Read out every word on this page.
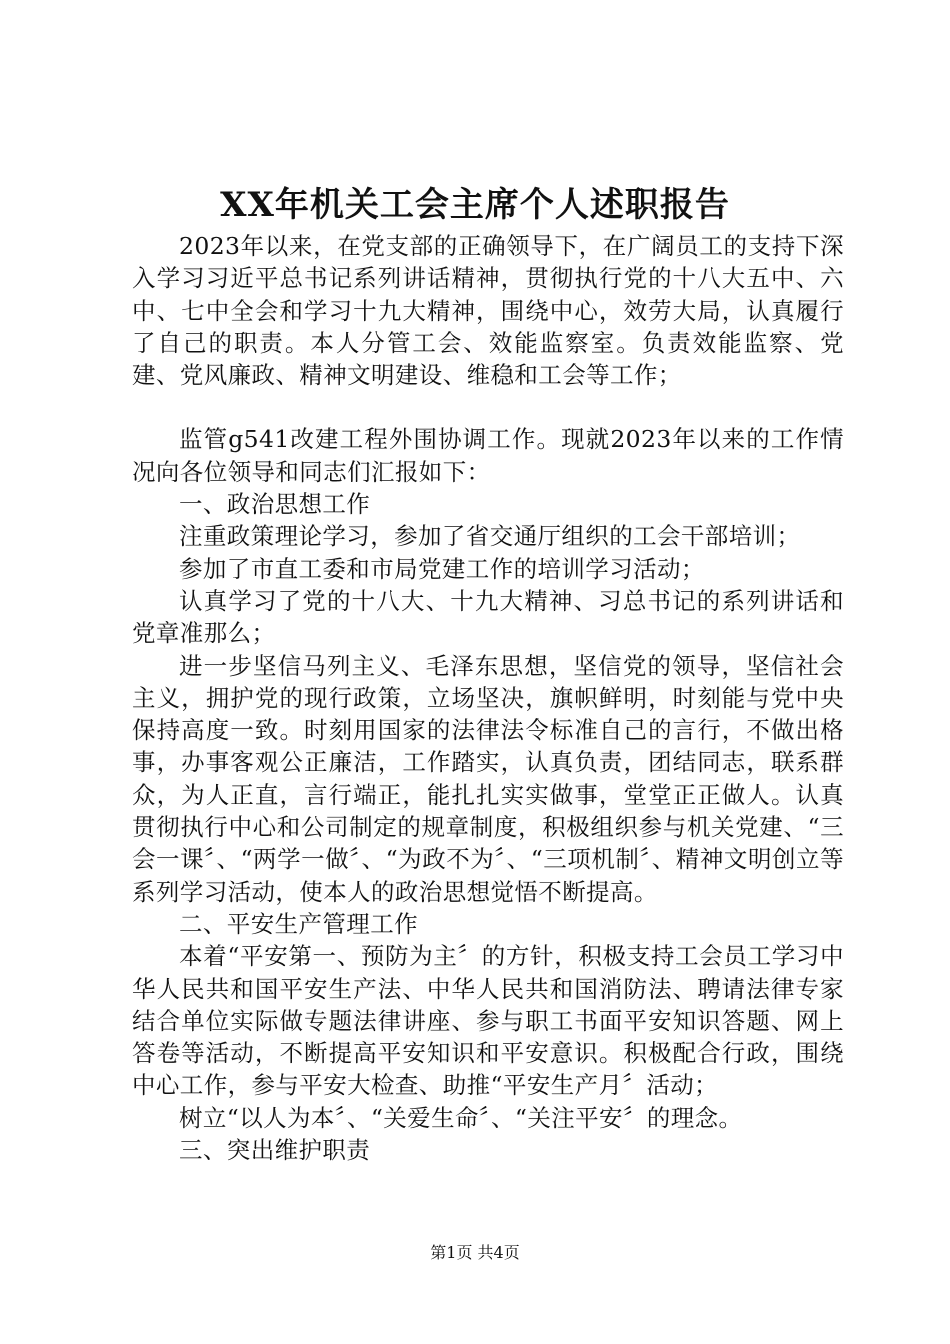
XX年机关工会主席个人述职报告

2023年以来，在党支部的正确领导下，在广阔员工的支持下深入学习习近平总书记系列讲话精神，贯彻执行党的十八大五中、六中、七中全会和学习十九大精神，围绕中心，效劳大局，认真履行了自己的职责。本人分管工会、效能监察室。负责效能监察、党建、党风廉政、精神文明建设、维稳和工会等工作；

监管g541改建工程外围协调工作。现就2023年以来的工作情况向各位领导和同志们汇报如下：

一、政治思想工作

注重政策理论学习，参加了省交通厅组织的工会干部培训；

参加了市直工委和市局党建工作的培训学习活动；

认真学习了党的十八大、十九大精神、习总书记的系列讲话和党章准那么；

进一步坚信马列主义、毛泽东思想，坚信党的领导，坚信社会主义，拥护党的现行政策，立场坚决，旗帜鲜明，时刻能与党中央保持高度一致。时刻用国家的法律法令标准自己的言行，不做出格事，办事客观公正廉洁，工作踏实，认真负责，团结同志，联系群众，为人正直，言行端正，能扎扎实实做事，堂堂正正做人。认真贯彻执行中心和公司制定的规章制度，积极组织参与机关党建、“三会一课〞、“两学一做〞、“为政不为〞、“三项机制〞、精神文明创立等系列学习活动，使本人的政治思想觉悟不断提高。

二、平安生产管理工作

本着“平安第一、预防为主〞的方针，积极支持工会员工学习中华人民共和国平安生产法、中华人民共和国消防法、聘请法律专家结合单位实际做专题法律讲座、参与职工书面平安知识答题、网上答卷等活动，不断提高平安知识和平安意识。积极配合行政，围绕中心工作，参与平安大检查、助推“平安生产月〞活动；

树立“以人为本〞、“关爱生命〞、“关注平安〞的理念。

三、突出维护职责

第1页 共4页
